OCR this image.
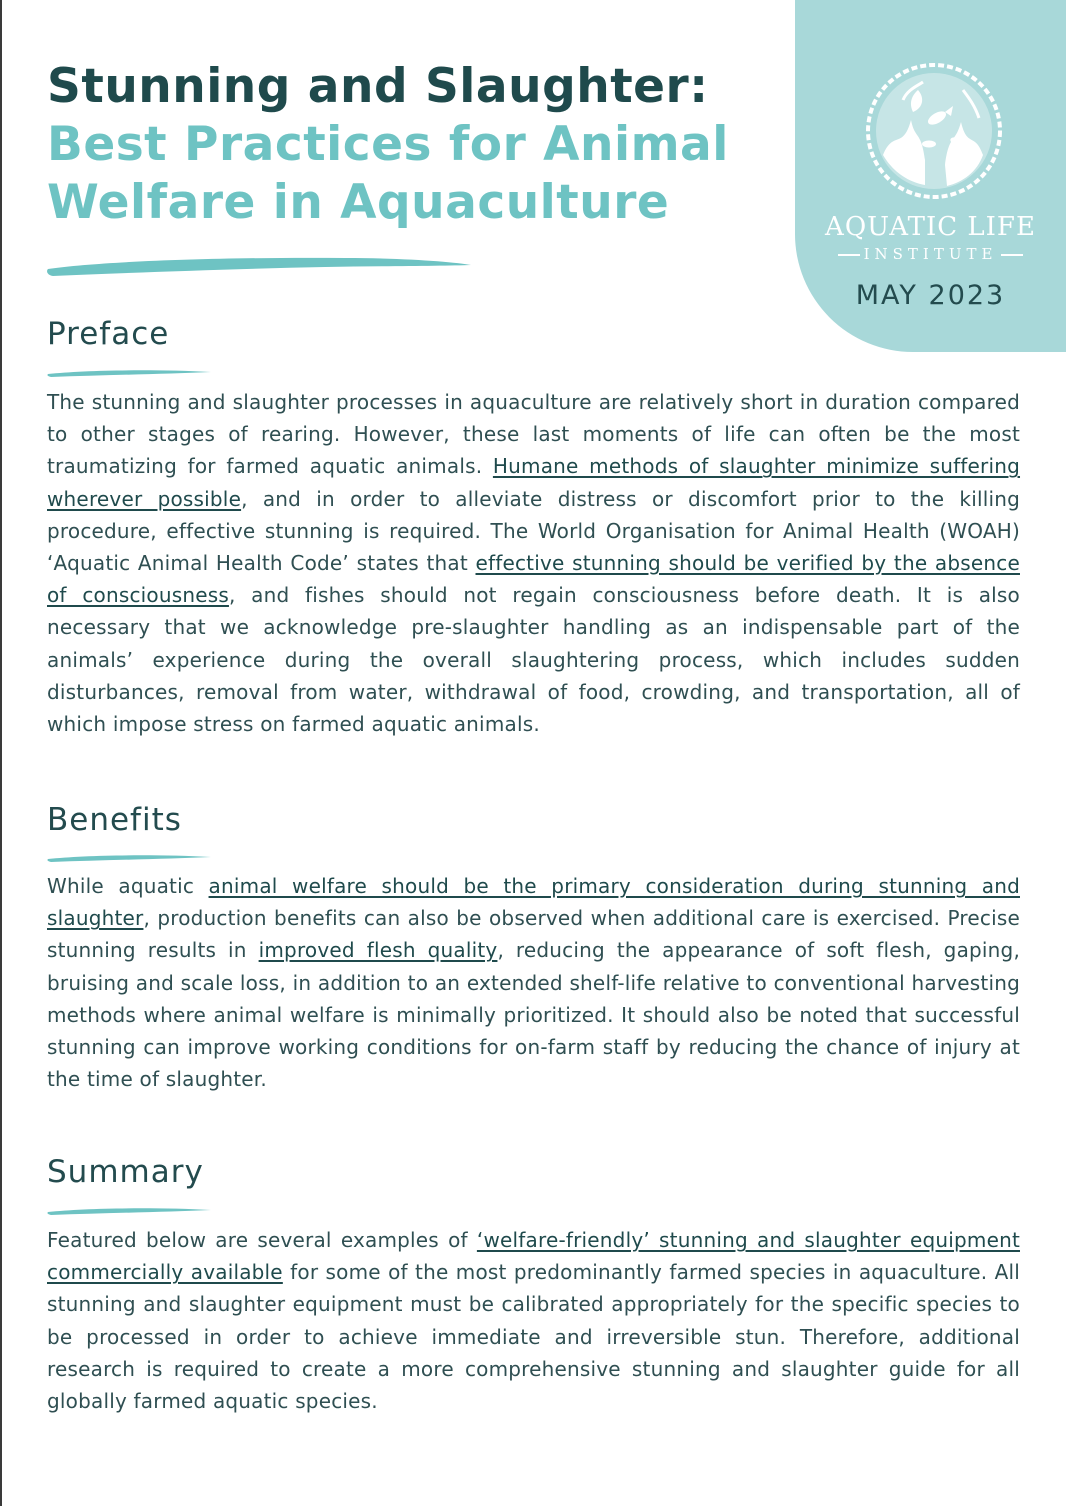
Stunning and Slaughter:
Best Practices for Animal
Welfare in Aquaculture	AQUATIC LIFE
INSTITUTE
MAY 2023
Preface
The stunning and slaughter processes in aquaculture are relatively short in duration compared to other stages of rearing. However, these last moments of life can often be the most traumatizing for farmed aquatic animals. Humane methods of slaughter minimize suffering wherever possible, and in order to alleviate distress or discomfort prior to the killing procedure, effective stunning is required. The World Organisation for Animal Health (WOAH) ‘Aquatic Animal Health Code’ states that effective stunning should be verified by the absence of consciousness, and fishes should not regain consciousness before death. It is also necessary that we acknowledge pre-slaughter handling as an indispensable part of the animals’ experience during the overall slaughtering process, which includes sudden disturbances, removal from water, withdrawal of food, crowding, and transportation, all of which impose stress on farmed aquatic animals.
Benefits
While aquatic animal welfare should be the primary consideration during stunning and slaughter, production benefits can also be observed when additional care is exercised. Precise stunning results in improved flesh quality, reducing the appearance of soft flesh, gaping, bruising and scale loss, in addition to an extended shelf-life relative to conventional harvesting methods where animal welfare is minimally prioritized. It should also be noted that successful stunning can improve working conditions for on-farm staff by reducing the chance of injury at the time of slaughter.
Summary
Featured below are several examples of ‘welfare-friendly’ stunning and slaughter equipment commercially available for some of the most predominantly farmed species in aquaculture. All stunning and slaughter equipment must be calibrated appropriately for the specific species to be processed in order to achieve immediate and irreversible stun. Therefore, additional research is required to create a more comprehensive stunning and slaughter guide for all globally farmed aquatic species.
